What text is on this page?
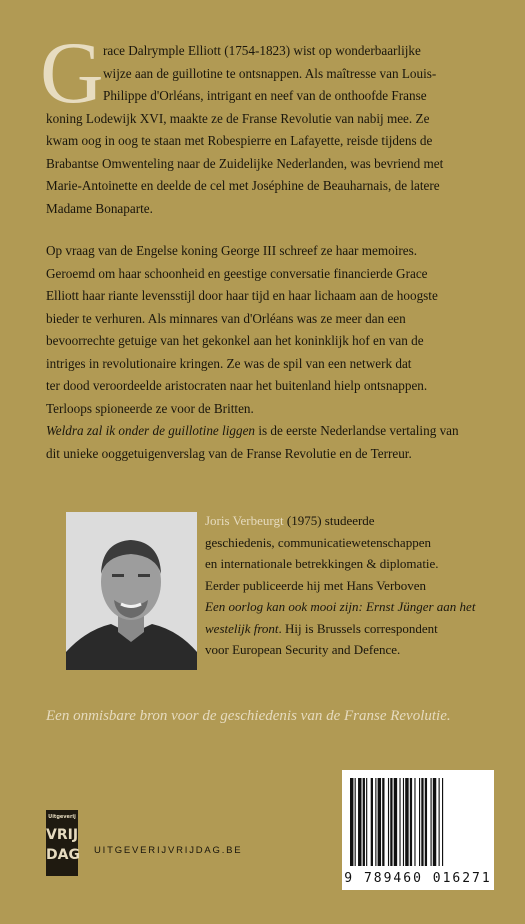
G race Dalrymple Elliott (1754-1823) wist op wonderbaarlijke
wijze aan de guillotine te ontsnappen. Als maîtresse van Louis-
Philippe d'Orléans, intrigant en neef van de onthoofde Franse
koning Lodewijk XVI, maakte ze de Franse Revolutie van nabij mee. Ze
kwam oog in oog te staan met Robespierre en Lafayette, reisde tijdens de
Brabantse Omwenteling naar de Zuidelijke Nederlanden, was bevriend met
Marie-Antoinette en deelde de cel met Joséphine de Beauharnais, de latere
Madame Bonaparte.
Op vraag van de Engelse koning George III schreef ze haar memoires.
Geroemd om haar schoonheid en geestige conversatie financierde Grace
Elliott haar riante levensstijl door haar tijd en haar lichaam aan de hoogste
bieder te verhuren. Als minnares van d'Orléans was ze meer dan een
bevoorrechte getuige van het gekonkel aan het koninklijk hof en van de
intriges in revolutionaire kringen. Ze was de spil van een netwerk dat
ter dood veroordeelde aristocraten naar het buitenland hielp ontsnappen.
Terloops spioneerde ze voor de Britten.
Weldra zal ik onder de guillotine liggen is de eerste Nederlandse vertaling van
dit unieke ooggetuigenverslag van de Franse Revolutie en de Terreur.
Joris Verbeurgt (1975) studeerde
geschiedenis, communicatiewetenschappen
en internationale betrekkingen & diplomatie.
Eerder publiceerde hij met Hans Verboven
Een oorlog kan ook mooi zijn: Ernst Jünger aan het
westelijk front. Hij is Brussels correspondent
voor European Security and Defence.
Een onmisbare bron voor de geschiedenis van de Franse Revolutie.
Uitgeverij
VRIJ
DAG UITGEVERIJVRIJDAG.BE
9 789460 016271
